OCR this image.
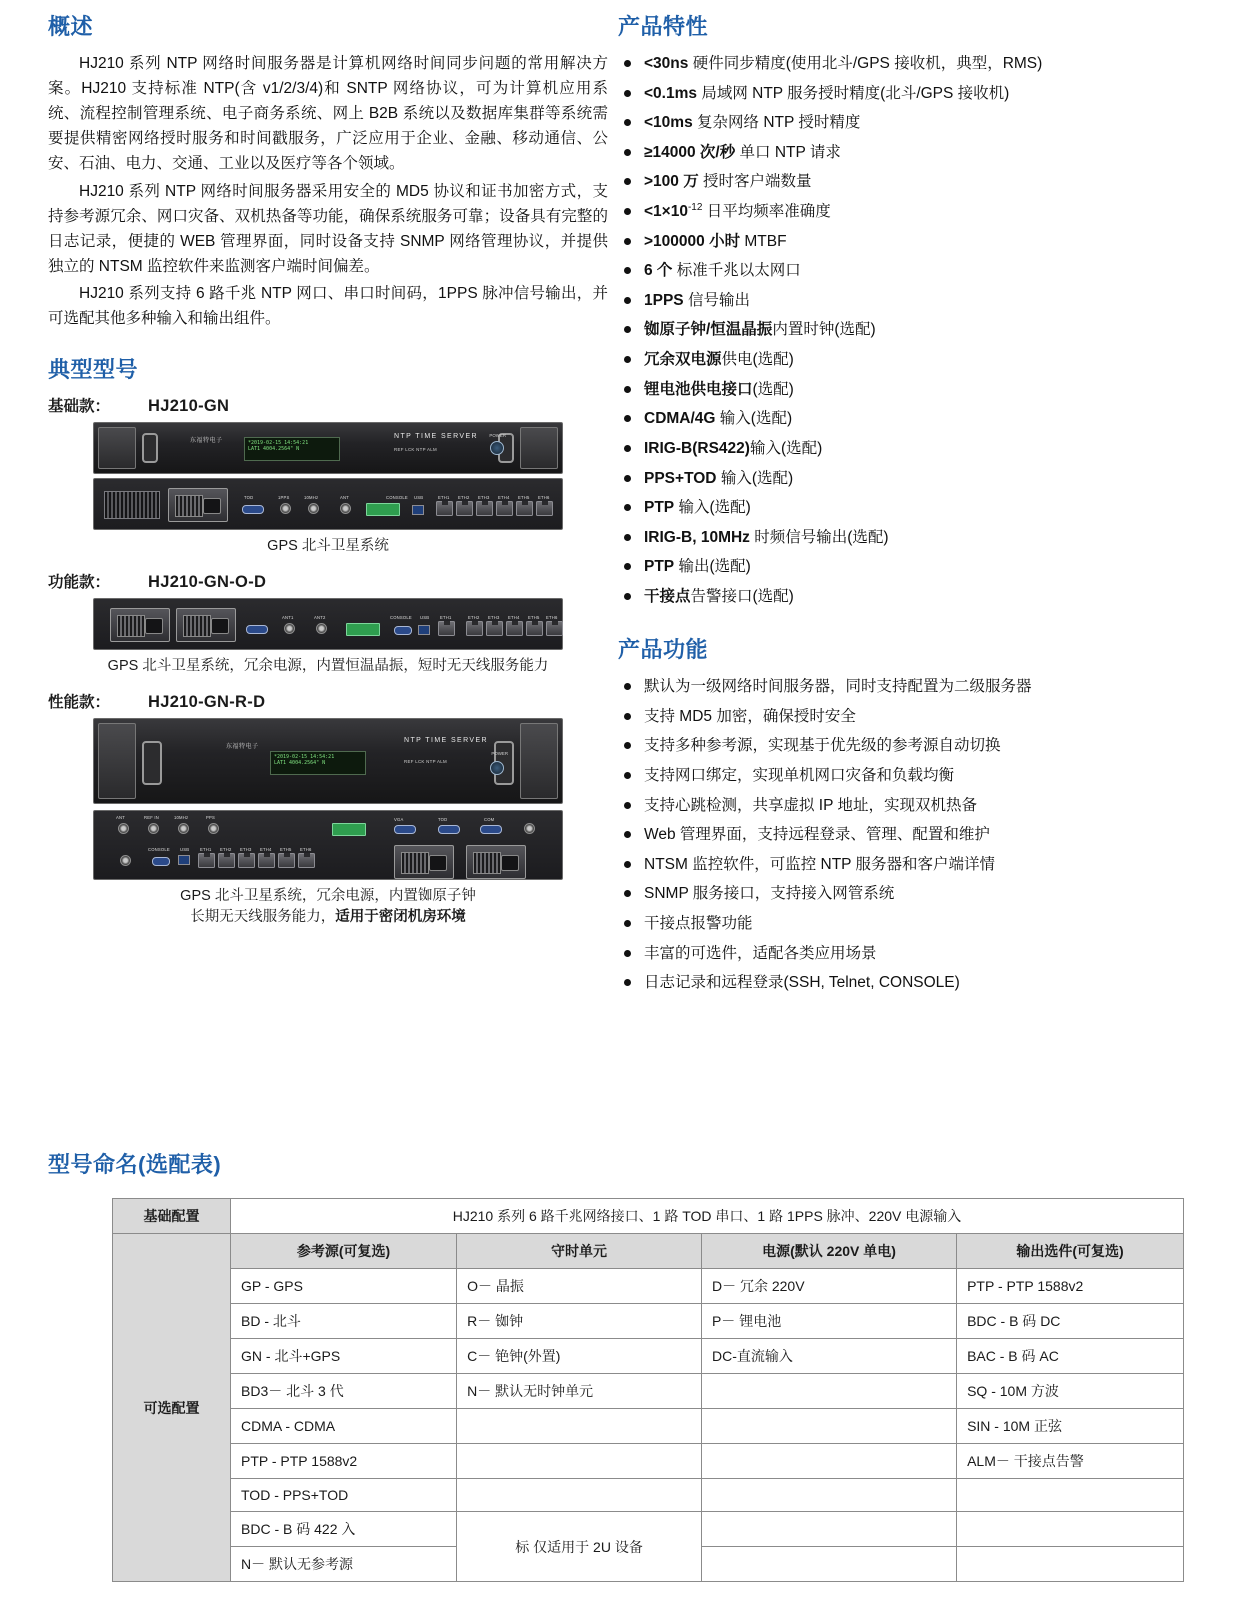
概述

HJ210 系列 NTP 网络时间服务器是计算机网络时间同步问题的常用解决方案。HJ210 支持标准 NTP(含 v1/2/3/4)和 SNTP 网络协议，可为计算机应用系统、流程控制管理系统、电子商务系统、网上 B2B 系统以及数据库集群等系统需要提供精密网络授时服务和时间戳服务，广泛应用于企业、金融、移动通信、公安、石油、电力、交通、工业以及医疗等各个领域。

HJ210 系列 NTP 网络时间服务器采用安全的 MD5 协议和证书加密方式，支持参考源冗余、网口灾备、双机热备等功能，确保系统服务可靠；设备具有完整的日志记录，便捷的 WEB 管理界面，同时设备支持 SNMP 网络管理协议，并提供独立的 NTSM 监控软件来监测客户端时间偏差。

HJ210 系列支持 6 路千兆 NTP 网口、串口时间码，1PPS 脉冲信号输出，并可选配其他多种输入和输出组件。

典型型号
基础款：	HJ210-GN
东福特电子	*2019-02-15 14:54:21
LAT1 4004.2564" N
NTP TIME SERVER
REF LCK NTP ALM
POWER
TOD	1PPS	10MHz	ANT	CONSOLE USB	ETH1 ETH2 ETH3 ETH4 ETH5 ETH6
GPS 北斗卫星系统
功能款：	HJ210-GN-O-D
ANT1	ANT2	CONSOLE USB	ETH1	ETH2 ETH3 ETH4 ETH5 ETH6
GPS 北斗卫星系统，冗余电源，内置恒温晶振，短时无天线服务能力
性能款：	HJ210-GN-R-D
东福特电子
*2019-02-15 14:54:21
LAT1 4004.2564" N
NTP TIME SERVER
REF LCK NTP ALM
POWER
ANT	REF IN	10MHz	PPS
CONSOLE USB	ETH1 ETH2 ETH3 ETH4 ETH5 ETH6
TOD
VGA	COM
GPS 北斗卫星系统，冗余电源，内置铷原子钟
长期无天线服务能力，适用于密闭机房环境
产品特性
<30ns 硬件同步精度(使用北斗/GPS 接收机，典型，RMS)
<0.1ms 局域网 NTP 服务授时精度(北斗/GPS 接收机)
<10ms 复杂网络 NTP 授时精度
≥14000 次/秒 单口 NTP 请求
>100 万 授时客户端数量
$<1\times 10^{-12}$ 日平均频率准确度
>100000 小时 MTBF
6 个 标准千兆以太网口
1PPS 信号输出
铷原子钟/恒温晶振内置时钟(选配)
冗余双电源供电(选配)
锂电池供电接口(选配)
CDMA/4G 输入(选配)
IRIG-B(RS422)输入(选配)
PPS+TOD 输入(选配)
PTP 输入(选配)
IRIG-B, 10MHz 时频信号输出(选配)
PTP 输出(选配)
干接点告警接口(选配)
产品功能
默认为一级网络时间服务器，同时支持配置为二级服务器
支持 MD5 加密，确保授时安全
支持多种参考源，实现基于优先级的参考源自动切换
支持网口绑定，实现单机网口灾备和负载均衡
支持心跳检测，共享虚拟 IP 地址，实现双机热备
Web 管理界面，支持远程登录、管理、配置和维护
NTSM 监控软件，可监控 NTP 服务器和客户端详情
SNMP 服务接口，支持接入网管系统
干接点报警功能
丰富的可选件，适配各类应用场景
日志记录和远程登录(SSH, Telnet, CONSOLE)
型号命名(选配表)
基础配置	HJ210 系列 6 路千兆网络接口、1 路 TOD 串口、1 路 1PPS 脉冲、220V 电源输入			
可选配置	参考源(可复选)	守时单元	电源(默认 220V 单电)	输出选件(可复选)
	GP - GPS	O－ 晶振	D－ 冗余 220V	PTP - PTP 1588v2
	BD - 北斗	R－ 铷钟	P－ 锂电池	BDC - B 码 DC
	GN - 北斗+GPS	C－ 铯钟(外置)	DC-直流输入	BAC - B 码 AC
	BD3－ 北斗 3 代	N－ 默认无时钟单元		SQ - 10M 方波
	CDMA - CDMA			SIN - 10M 正弦
	PTP - PTP 1588v2			ALM－ 干接点告警
	TOD - PPS+TOD			
	BDC - B 码 422 入	标 仅适用于 2U 设备		
	N－ 默认无参考源			
